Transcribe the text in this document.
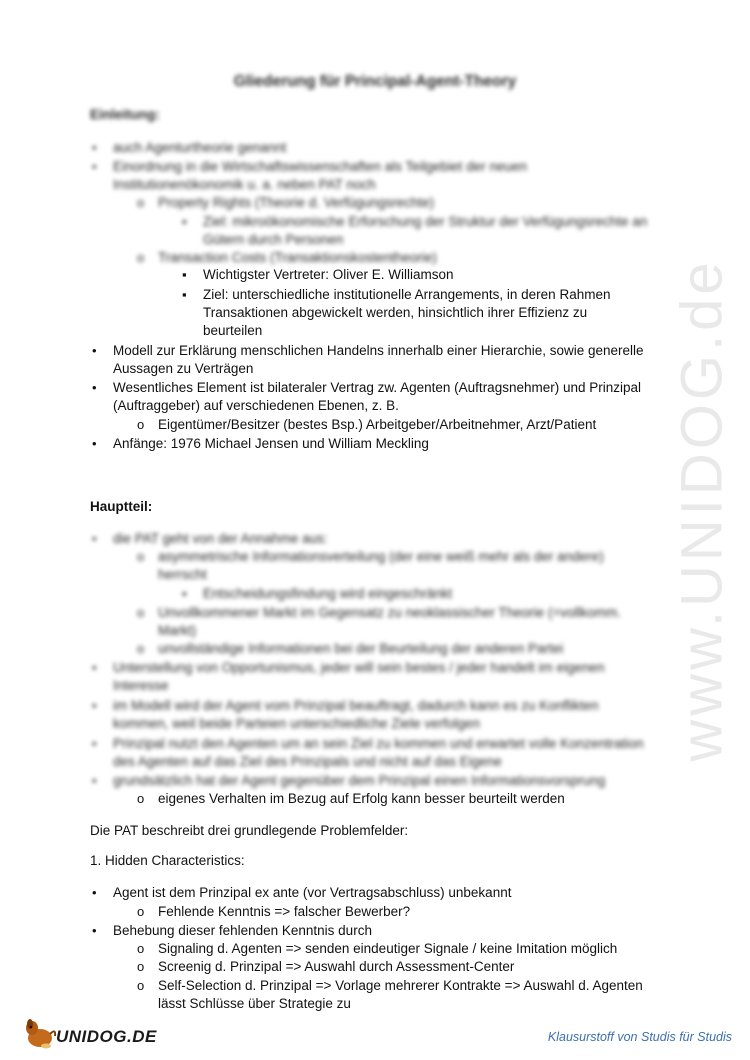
www.UNIDOG.de
Gliederung für Principal-Agent-Theory
Einleitung:
• auch Agenturtheorie genannt
• Einordnung in die Wirtschaftswissenschaften als Teilgebiet der neuen
Institutionenökonomik u. a. neben PAT noch
o Property Rights (Theorie d. Verfügungsrechte)
▪ Ziel: mikroökonomische Erforschung der Struktur der Verfügungsrechte an
Gütern durch Personen
o Transaction Costs (Transaktionskostentheorie)
▪ Wichtigster Vertreter: Oliver E. Williamson
▪ Ziel: unterschiedliche institutionelle Arrangements, in deren Rahmen
Transaktionen abgewickelt werden, hinsichtlich ihrer Effizienz zu
beurteilen
• Modell zur Erklärung menschlichen Handelns innerhalb einer Hierarchie, sowie generelle
Aussagen zu Verträgen
• Wesentliches Element ist bilateraler Vertrag zw. Agenten (Auftragsnehmer) und Prinzipal
(Auftraggeber) auf verschiedenen Ebenen, z. B.
o Eigentümer/Besitzer (bestes Bsp.) Arbeitgeber/Arbeitnehmer, Arzt/Patient
• Anfänge: 1976 Michael Jensen und William Meckling
Hauptteil:
• die PAT geht von der Annahme aus:
o asymmetrische Informationsverteilung (der eine weiß mehr als der andere)
herrscht
▪ Entscheidungsfindung wird eingeschränkt
o Unvollkommener Markt im Gegensatz zu neoklassischer Theorie (=vollkomm.
Markt)
o unvollständige Informationen bei der Beurteilung der anderen Partei
• Unterstellung von Opportunismus, jeder will sein bestes / jeder handelt im eigenen
Interesse
• im Modell wird der Agent vom Prinzipal beauftragt, dadurch kann es zu Konflikten
kommen, weil beide Parteien unterschiedliche Ziele verfolgen
• Prinzipal nutzt den Agenten um an sein Ziel zu kommen und erwartet volle Konzentration
des Agenten auf das Ziel des Prinzipals und nicht auf das Eigene
• grundsätzlich hat der Agent gegenüber dem Prinzipal einen Informationsvorsprung
o eigenes Verhalten im Bezug auf Erfolg kann besser beurteilt werden
Die PAT beschreibt drei grundlegende Problemfelder:
1. Hidden Characteristics:
• Agent ist dem Prinzipal ex ante (vor Vertragsabschluss) unbekannt
o Fehlende Kenntnis => falscher Bewerber?
• Behebung dieser fehlenden Kenntnis durch
o Signaling d. Agenten => senden eindeutiger Signale / keine Imitation möglich
o Screenig d. Prinzipal => Auswahl durch Assessment-Center
o Self-Selection d. Prinzipal => Vorlage mehrerer Kontrakte => Auswahl d. Agenten
lässt Schlüsse über Strategie zu
UNIDOG.DE	Klausurstoff von Studis für Studis
